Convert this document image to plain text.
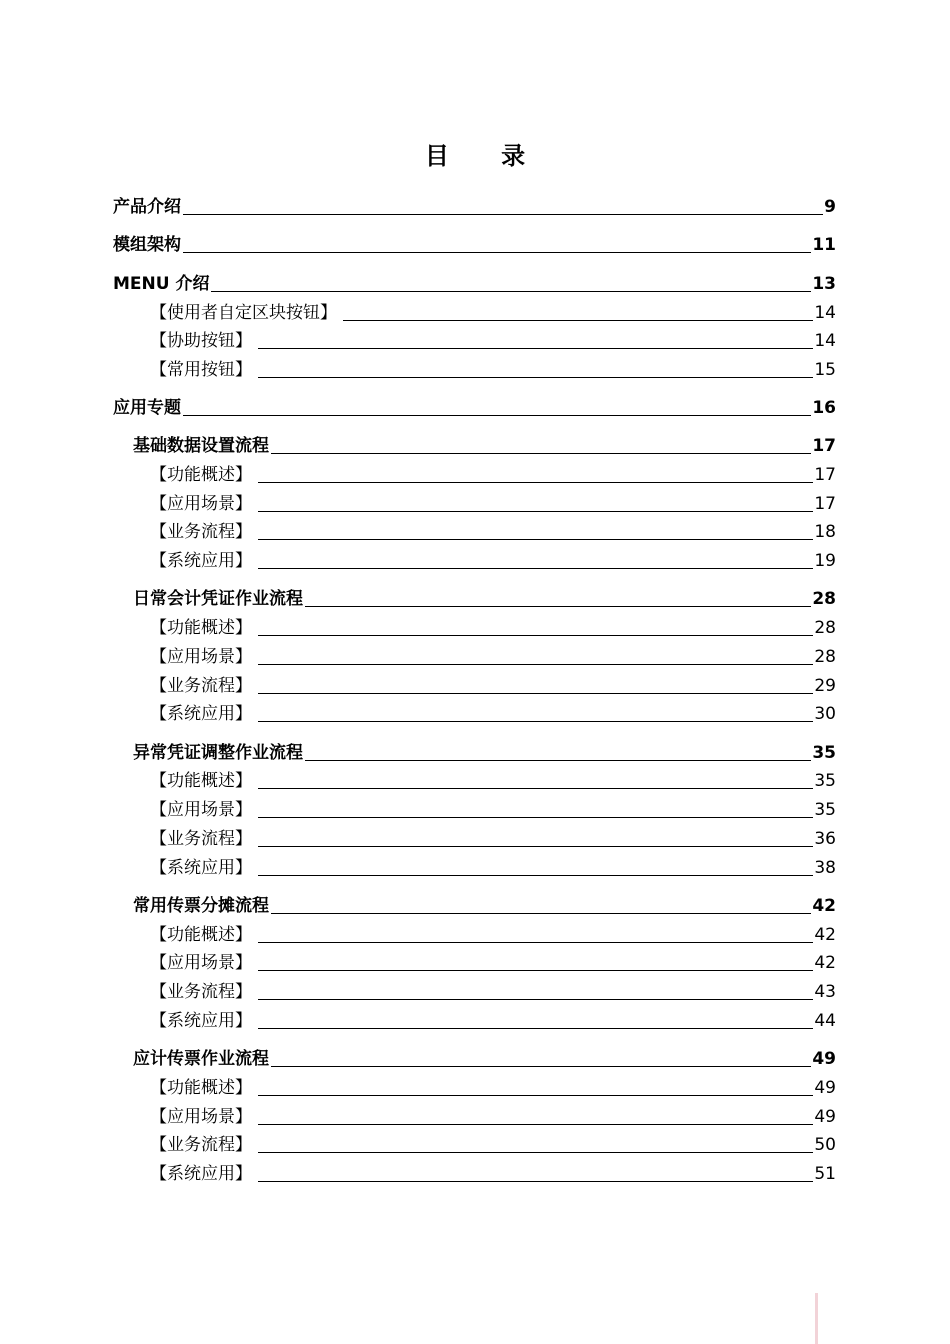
目 录
产品介绍	9
模组架构	11
MENU 介绍	13
【使用者自定区块按钮】	14
【协助按钮】	14
【常用按钮】	15
应用专题	16
基础数据设置流程	17
【功能概述】	17
【应用场景】	17
【业务流程】	18
【系统应用】	19
日常会计凭证作业流程	28
【功能概述】	28
【应用场景】	28
【业务流程】	29
【系统应用】	30
异常凭证调整作业流程	35
【功能概述】	35
【应用场景】	35
【业务流程】	36
【系统应用】	38
常用传票分摊流程	42
【功能概述】	42
【应用场景】	42
【业务流程】	43
【系统应用】	44
应计传票作业流程	49
【功能概述】	49
【应用场景】	49
【业务流程】	50
【系统应用】	51
